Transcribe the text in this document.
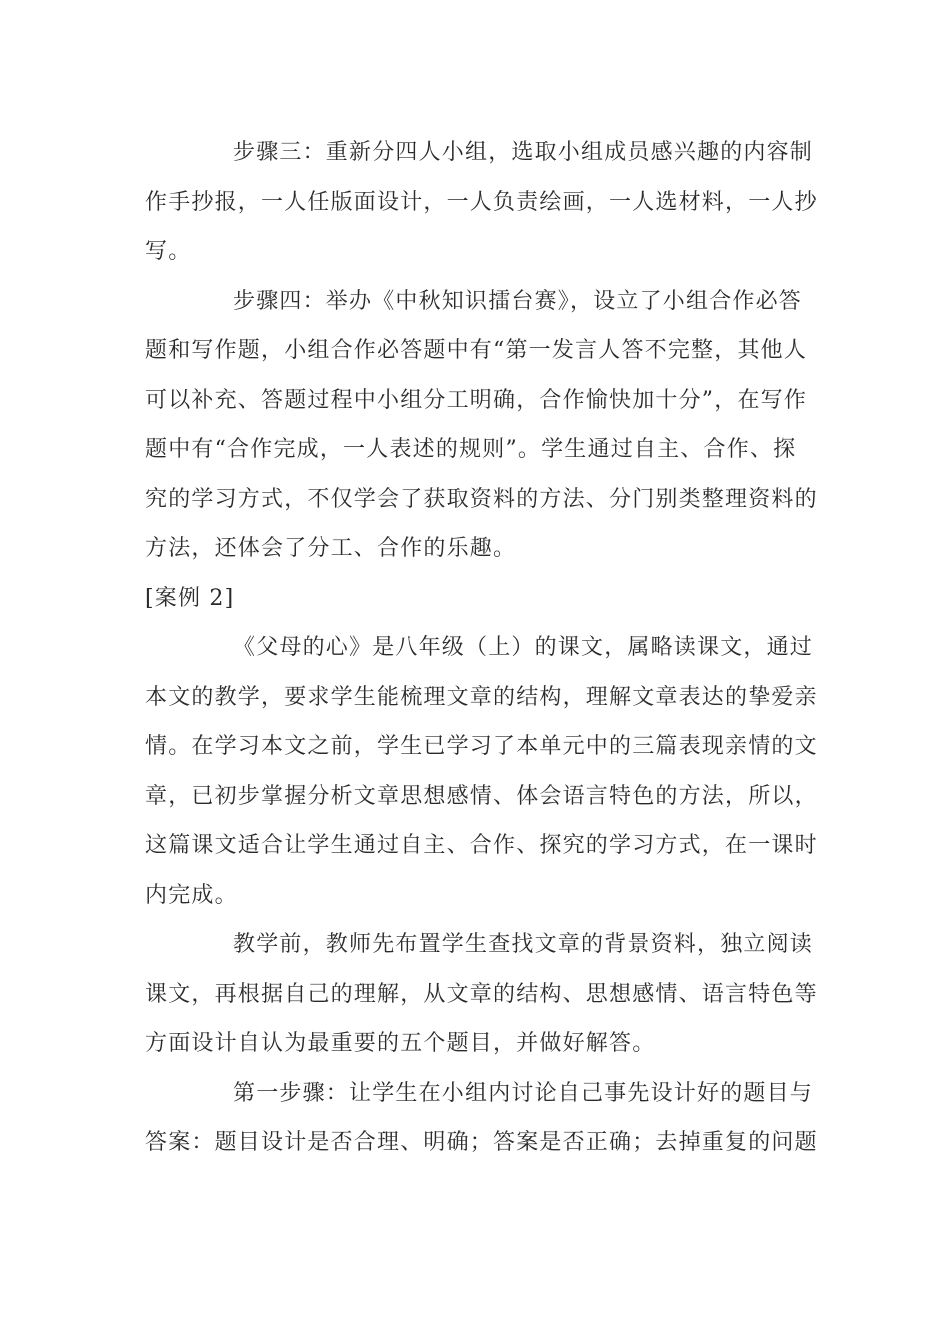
步骤三：重新分四人小组，选取小组成员感兴趣的内容制
作手抄报，一人任版面设计，一人负责绘画，一人选材料，一人抄
写。
步骤四：举办《中秋知识擂台赛》，设立了小组合作必答
题和写作题，小组合作必答题中有“第一发言人答不完整，其他人
可以补充、答题过程中小组分工明确，合作愉快加十分”，在写作
题中有“合作完成，一人表述的规则”。学生通过自主、合作、探
究的学习方式，不仅学会了获取资料的方法、分门别类整理资料的
方法，还体会了分工、合作的乐趣。
[案例 2]
《父母的心》是八年级（上）的课文，属略读课文，通过
本文的教学，要求学生能梳理文章的结构，理解文章表达的挚爱亲
情。在学习本文之前，学生已学习了本单元中的三篇表现亲情的文
章，已初步掌握分析文章思想感情、体会语言特色的方法，所以，
这篇课文适合让学生通过自主、合作、探究的学习方式，在一课时
内完成。
教学前，教师先布置学生查找文章的背景资料，独立阅读
课文，再根据自己的理解，从文章的结构、思想感情、语言特色等
方面设计自认为最重要的五个题目，并做好解答。
第一步骤：让学生在小组内讨论自己事先设计好的题目与
答案：题目设计是否合理、明确；答案是否正确；去掉重复的问题
